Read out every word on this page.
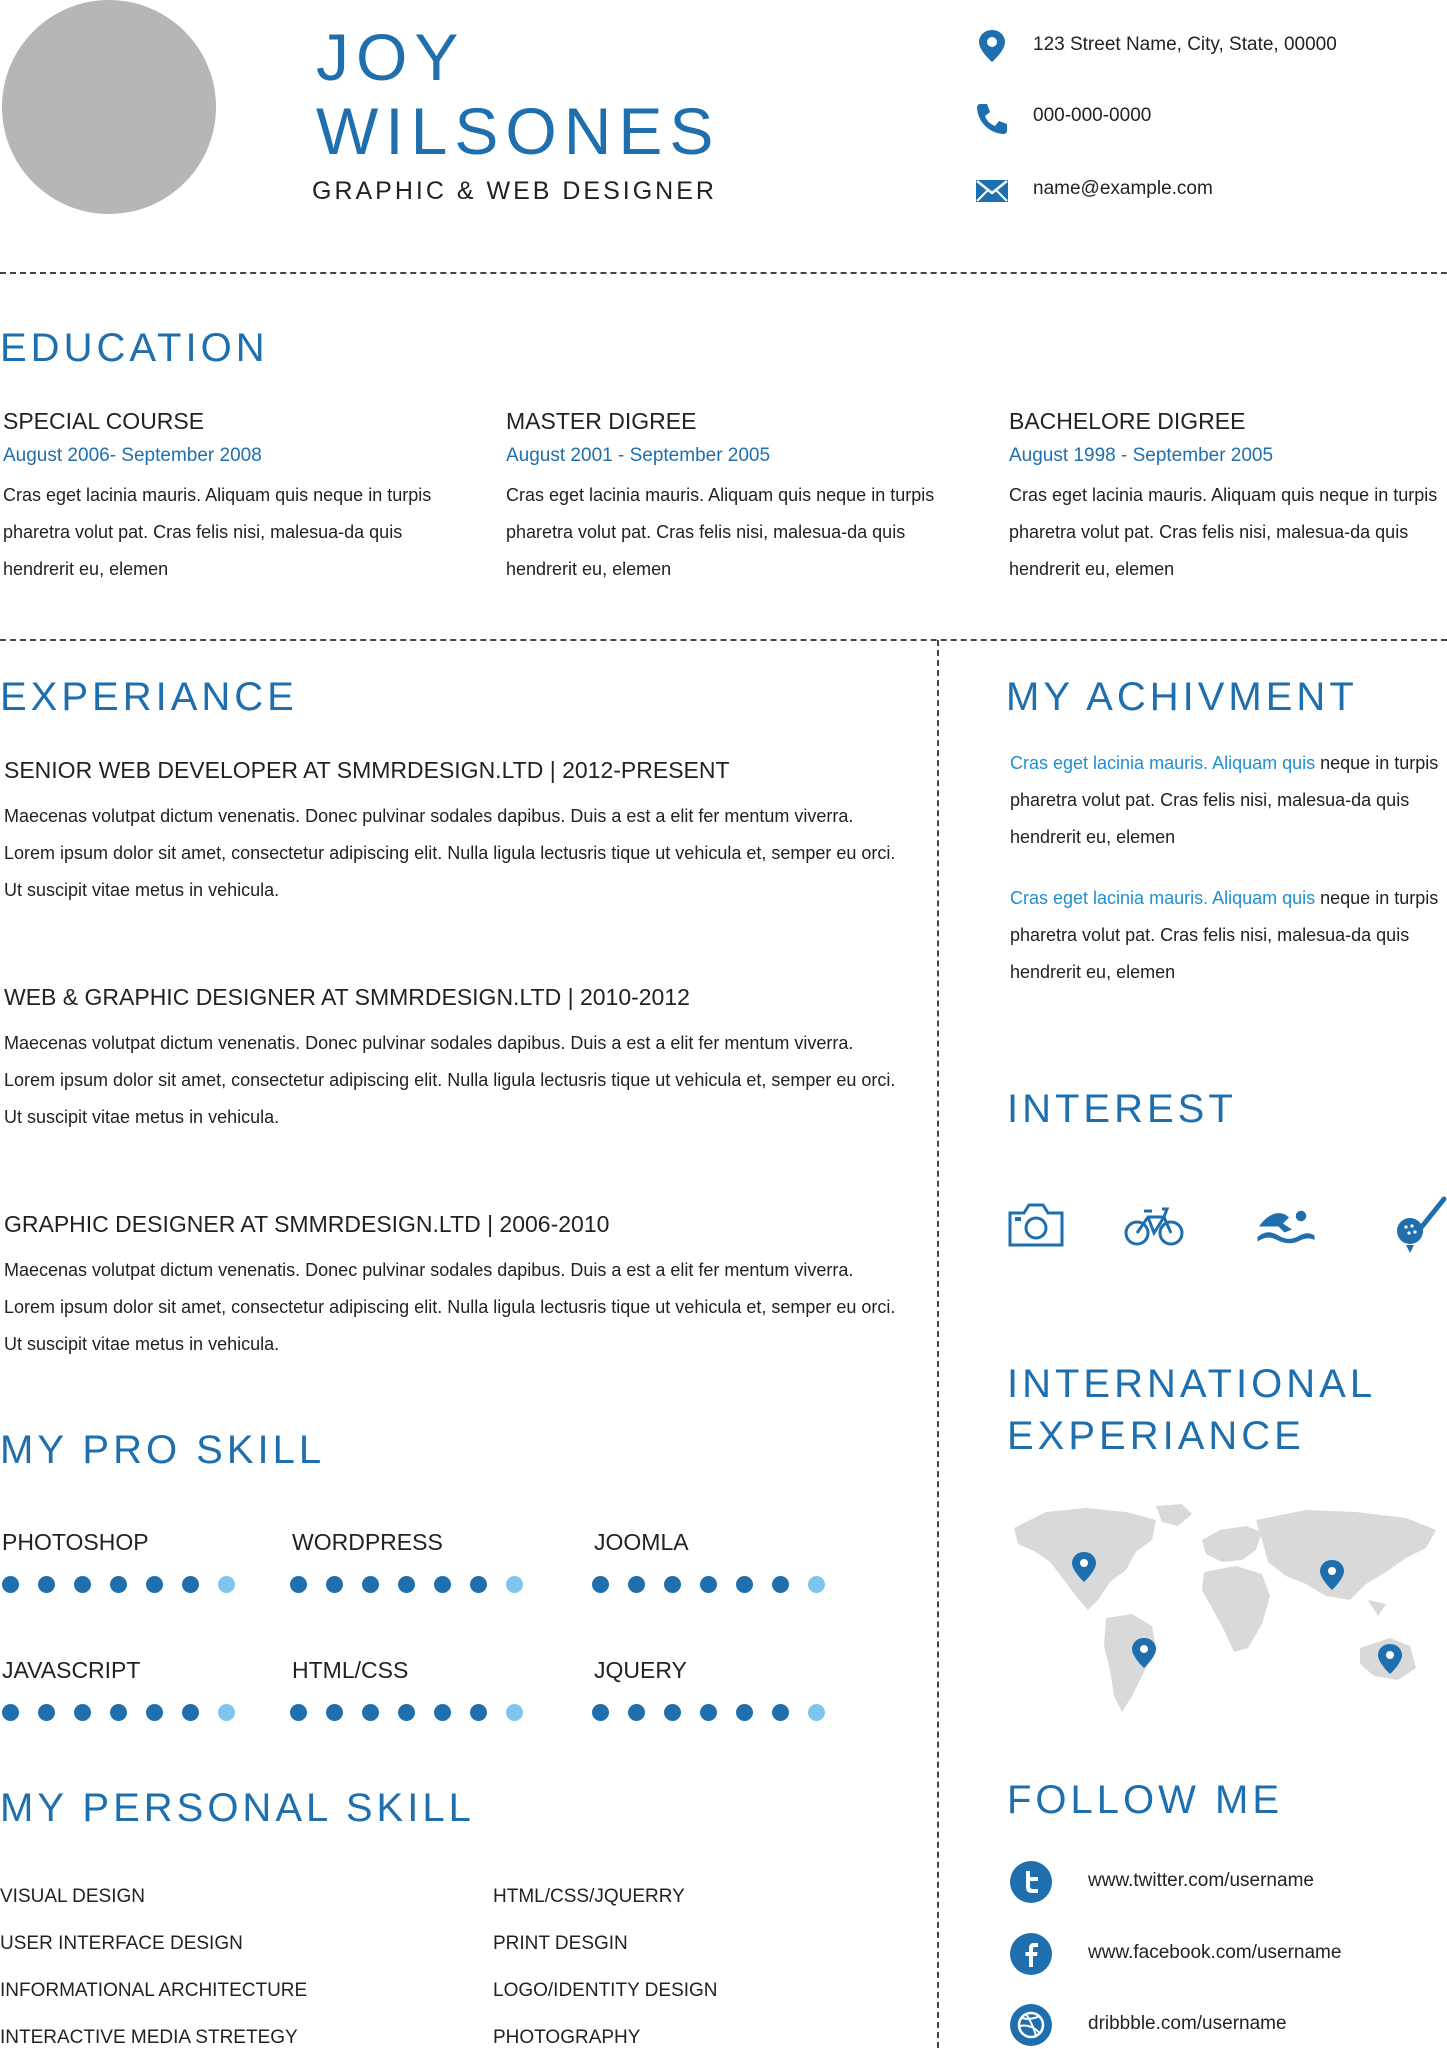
JOY
WILSONES
GRAPHIC & WEB DESIGNER
123 Street Name, City, State, 00000
000-000-0000
name@example.com
EDUCATION
SPECIAL COURSE
August 2006- September 2008
Cras eget lacinia mauris. Aliquam quis neque in turpis pharetra volut pat. Cras felis nisi, malesua-da quis hendrerit eu, elemen
MASTER DIGREE
August 2001 - September 2005
Cras eget lacinia mauris. Aliquam quis neque in turpis pharetra volut pat. Cras felis nisi, malesua-da quis hendrerit eu, elemen
BACHELORE DIGREE
August 1998 - September 2005
Cras eget lacinia mauris. Aliquam quis neque in turpis pharetra volut pat. Cras felis nisi, malesua-da quis hendrerit eu, elemen
EXPERIANCE
SENIOR WEB DEVELOPER AT SMMRDESIGN.LTD | 2012-PRESENT
Maecenas volutpat dictum venenatis. Donec pulvinar sodales dapibus. Duis a est a elit fer mentum viverra. Lorem ipsum dolor sit amet, consectetur adipiscing elit. Nulla ligula lectusris tique ut vehicula et, semper eu orci. Ut suscipit vitae metus in vehicula.
WEB & GRAPHIC DESIGNER AT SMMRDESIGN.LTD | 2010-2012
Maecenas volutpat dictum venenatis. Donec pulvinar sodales dapibus. Duis a est a elit fer mentum viverra. Lorem ipsum dolor sit amet, consectetur adipiscing elit. Nulla ligula lectusris tique ut vehicula et, semper eu orci. Ut suscipit vitae metus in vehicula.
GRAPHIC DESIGNER AT SMMRDESIGN.LTD | 2006-2010
Maecenas volutpat dictum venenatis. Donec pulvinar sodales dapibus. Duis a est a elit fer mentum viverra. Lorem ipsum dolor sit amet, consectetur adipiscing elit. Nulla ligula lectusris tique ut vehicula et, semper eu orci. Ut suscipit vitae metus in vehicula.
MY PRO SKILL
PHOTOSHOP	WORDPRESS	JOOMLA
JAVASCRIPT	HTML/CSS	JQUERY
MY PERSONAL SKILL
VISUAL DESIGN
USER INTERFACE DESIGN
INFORMATIONAL ARCHITECTURE
INTERACTIVE MEDIA STRETEGY
HTML/CSS/JQUERRY
PRINT DESGIN
LOGO/IDENTITY DESIGN
PHOTOGRAPHY
MY ACHIVMENT
Cras eget lacinia mauris. Aliquam quis neque in turpis pharetra volut pat. Cras felis nisi, malesua-da quis hendrerit eu, elemen
Cras eget lacinia mauris. Aliquam quis neque in turpis pharetra volut pat. Cras felis nisi, malesua-da quis hendrerit eu, elemen
INTEREST
INTERNATIONAL
EXPERIANCE
FOLLOW ME
www.twitter.com/username
www.facebook.com/username
dribbble.com/username
